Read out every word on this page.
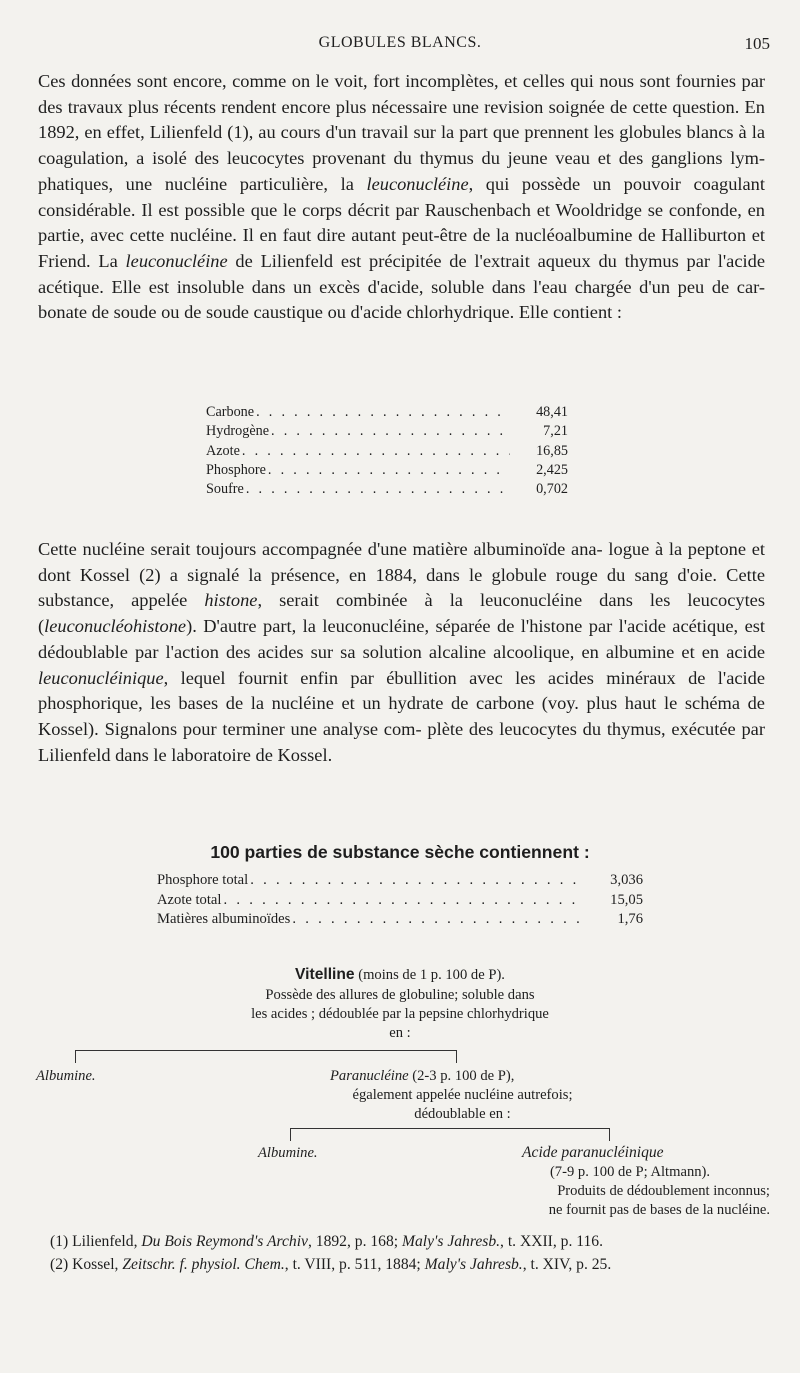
GLOBULES BLANCS.	105

Ces données sont encore, comme on le voit, fort incomplètes, et celles qui nous sont fournies par des travaux plus récents rendent encore plus nécessaire une revision soignée de cette question. En 1892, en effet, Lilienfeld (1), au cours d'un travail sur la part que prennent les globules blancs à la coagulation, a isolé des leucocytes provenant du thymus du jeune veau et des ganglions lym- phatiques, une nucléine particulière, la leuconucléine, qui possède un pouvoir coagulant considérable. Il est possible que le corps décrit par Rauschenbach et Wooldridge se confonde, en partie, avec cette nucléine. Il en faut dire autant peut-être de la nucléoalbumine de Halliburton et Friend. La leuconucléine de Lilienfeld est précipitée de l'extrait aqueux du thymus par l'acide acétique. Elle est insoluble dans un excès d'acide, soluble dans l'eau chargée d'un peu de car- bonate de soude ou de soude caustique ou d'acide chlorhydrique. Elle contient :

Carbone . . .	48,41
Hydrogène . . .	7,21
Azote . . .	16,85
Phosphore . . .	2,425
Soufre . . .	0,702

Cette nucléine serait toujours accompagnée d'une matière albuminoïde ana- logue à la peptone et dont Kossel (2) a signalé la présence, en 1884, dans le globule rouge du sang d'oie. Cette substance, appelée histone, serait combinée à la leuconucléine dans les leucocytes (leuconucléohistone). D'autre part, la leuconucléine, séparée de l'histone par l'acide acétique, est dédoublable par l'action des acides sur sa solution alcaline alcoolique, en albumine et en acide leuconucléinique, lequel fournit enfin par ébullition avec les acides minéraux de l'acide phosphorique, les bases de la nucléine et un hydrate de carbone (voy. plus haut le schéma de Kossel). Signalons pour terminer une analyse com- plète des leucocytes du thymus, exécutée par Lilienfeld dans le laboratoire de Kossel.

100 parties de substance sèche contiennent :
Phosphore total . . .	3,036
Azote total . . .	15,05
Matières albuminoïdes . . .	1,76
Vitelline (moins de 1 p. 100 de P).
Possède des allures de globuline; soluble dans
les acides ; dédoublée par la pepsine chlorhydrique
en :
Albumine.	Paranucléine (2-3 p. 100 de P),
également appelée nucléine autrefois;
dédoublable en :
Albumine.	Acide paranucléinique
(7-9 p. 100 de P; Altmann).
Produits de dédoublement inconnus;
ne fournit pas de bases de la nucléine.
(1) Lilienfeld, Du Bois Reymond's Archiv, 1892, p. 168; Maly's Jahresb., t. XXII, p. 116.
(2) Kossel, Zeitschr. f. physiol. Chem., t. VIII, p. 511, 1884; Maly's Jahresb., t. XIV, p. 25.
